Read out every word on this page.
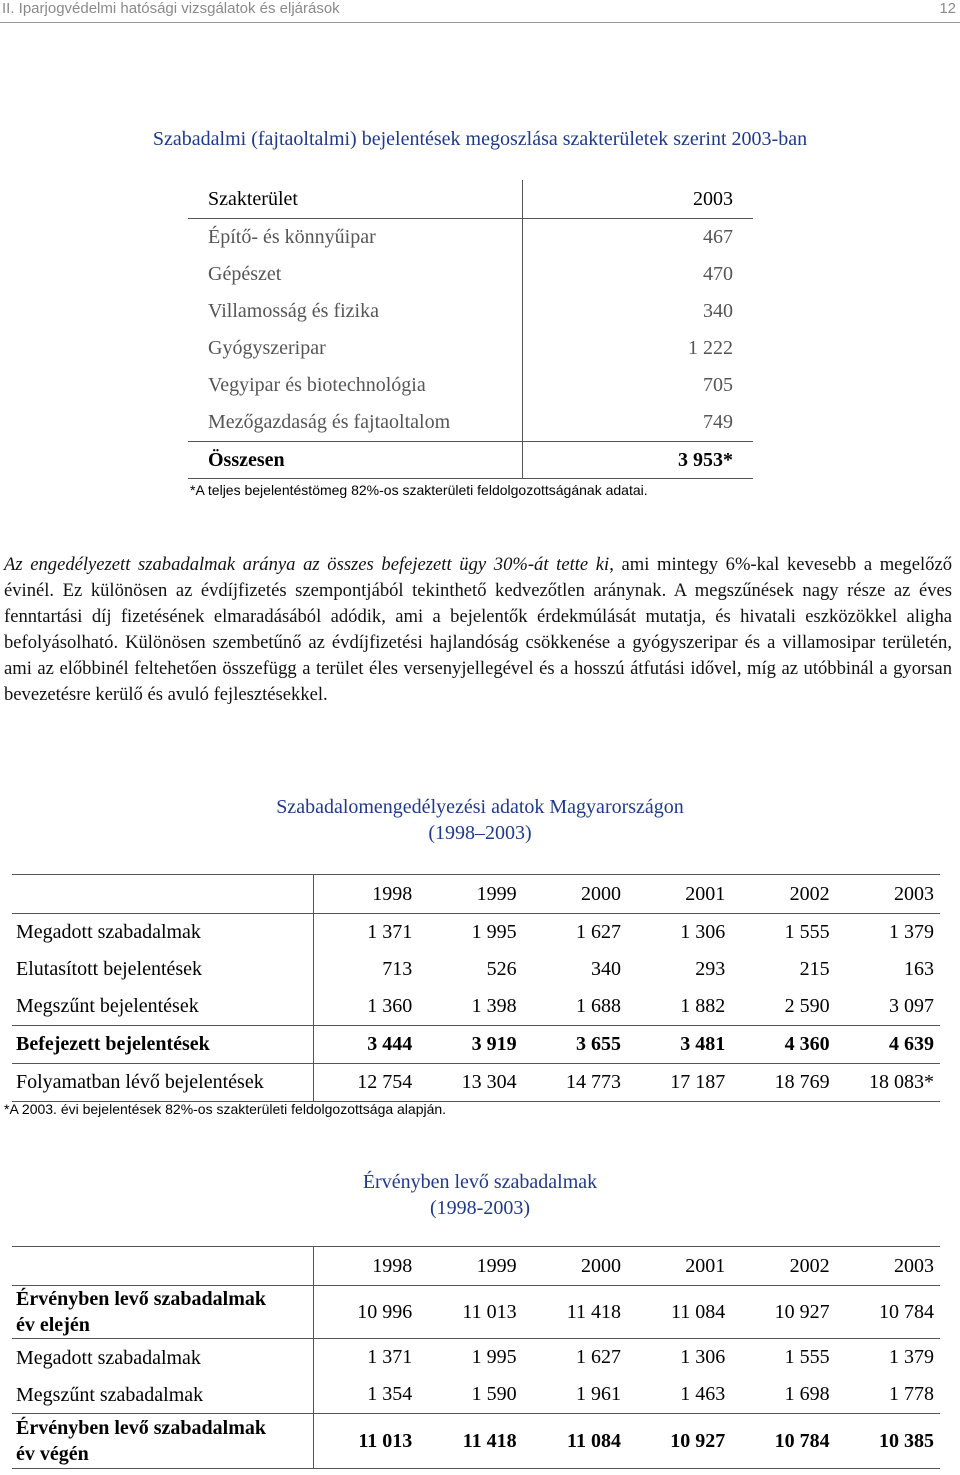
II. Iparjogvédelmi hatósági vizsgálatok és eljárások	12
Szabadalmi (fajtaoltalmi) bejelentések megoszlása szakterületek szerint 2003-ban
Szakterület	2003
Építő- és könnyűipar	467
Gépészet	470
Villamosság és fizika	340
Gyógyszeripar	1 222
Vegyipar és biotechnológia	705
Mezőgazdaság és fajtaoltalom	749
Összesen	3 953*
*A teljes bejelentéstömeg 82%-os szakterületi feldolgozottságának adatai.

Az engedélyezett szabadalmak aránya az összes befejezett ügy 30%-át tette ki, ami mintegy 6%-kal kevesebb a megelőző évinél. Ez különösen az évdíjfizetés szempontjából tekinthető kedvezőtlen aránynak. A megszűnések nagy része az éves fenntartási díj fizetésének elmaradásából adódik, ami a bejelentők érdekmúlását mutatja, és hivatali eszközökkel aligha befolyásolható. Különösen szembetűnő az évdíjfizetési hajlandóság csökkenése a gyógyszeripar és a villamosipar területén, ami az előbbinél feltehetően összefügg a terület éles versenyjellegével és a hosszú átfutási idővel, míg az utóbbinál a gyorsan bevezetésre kerülő és avuló fejlesztésekkel.

Szabadalomengedélyezési adatok Magyarországon
(1998–2003)
	1998	1999	2000	2001	2002	2003
Megadott szabadalmak	1 371	1 995	1 627	1 306	1 555	1 379
Elutasított bejelentések	713	526	340	293	215	163
Megszűnt bejelentések	1 360	1 398	1 688	1 882	2 590	3 097
Befejezett bejelentések	3 444	3 919	3 655	3 481	4 360	4 639
Folyamatban lévő bejelentések	12 754	13 304	14 773	17 187	18 769	18 083*
*A 2003. évi bejelentések 82%-os szakterületi feldolgozottsága alapján.
Érvényben levő szabadalmak
(1998-2003)
	1998	1999	2000	2001	2002	2003

Érvényben levő szabadalmak
év elején	10 996	11 013	11 418	11 084	10 927	10 784
Megadott szabadalmak	1 371	1 995	1 627	1 306	1 555	1 379
Megszűnt szabadalmak	1 354	1 590	1 961	1 463	1 698	1 778

Érvényben levő szabadalmak
év végén	11 013	11 418	11 084	10 927	10 784	10 385
